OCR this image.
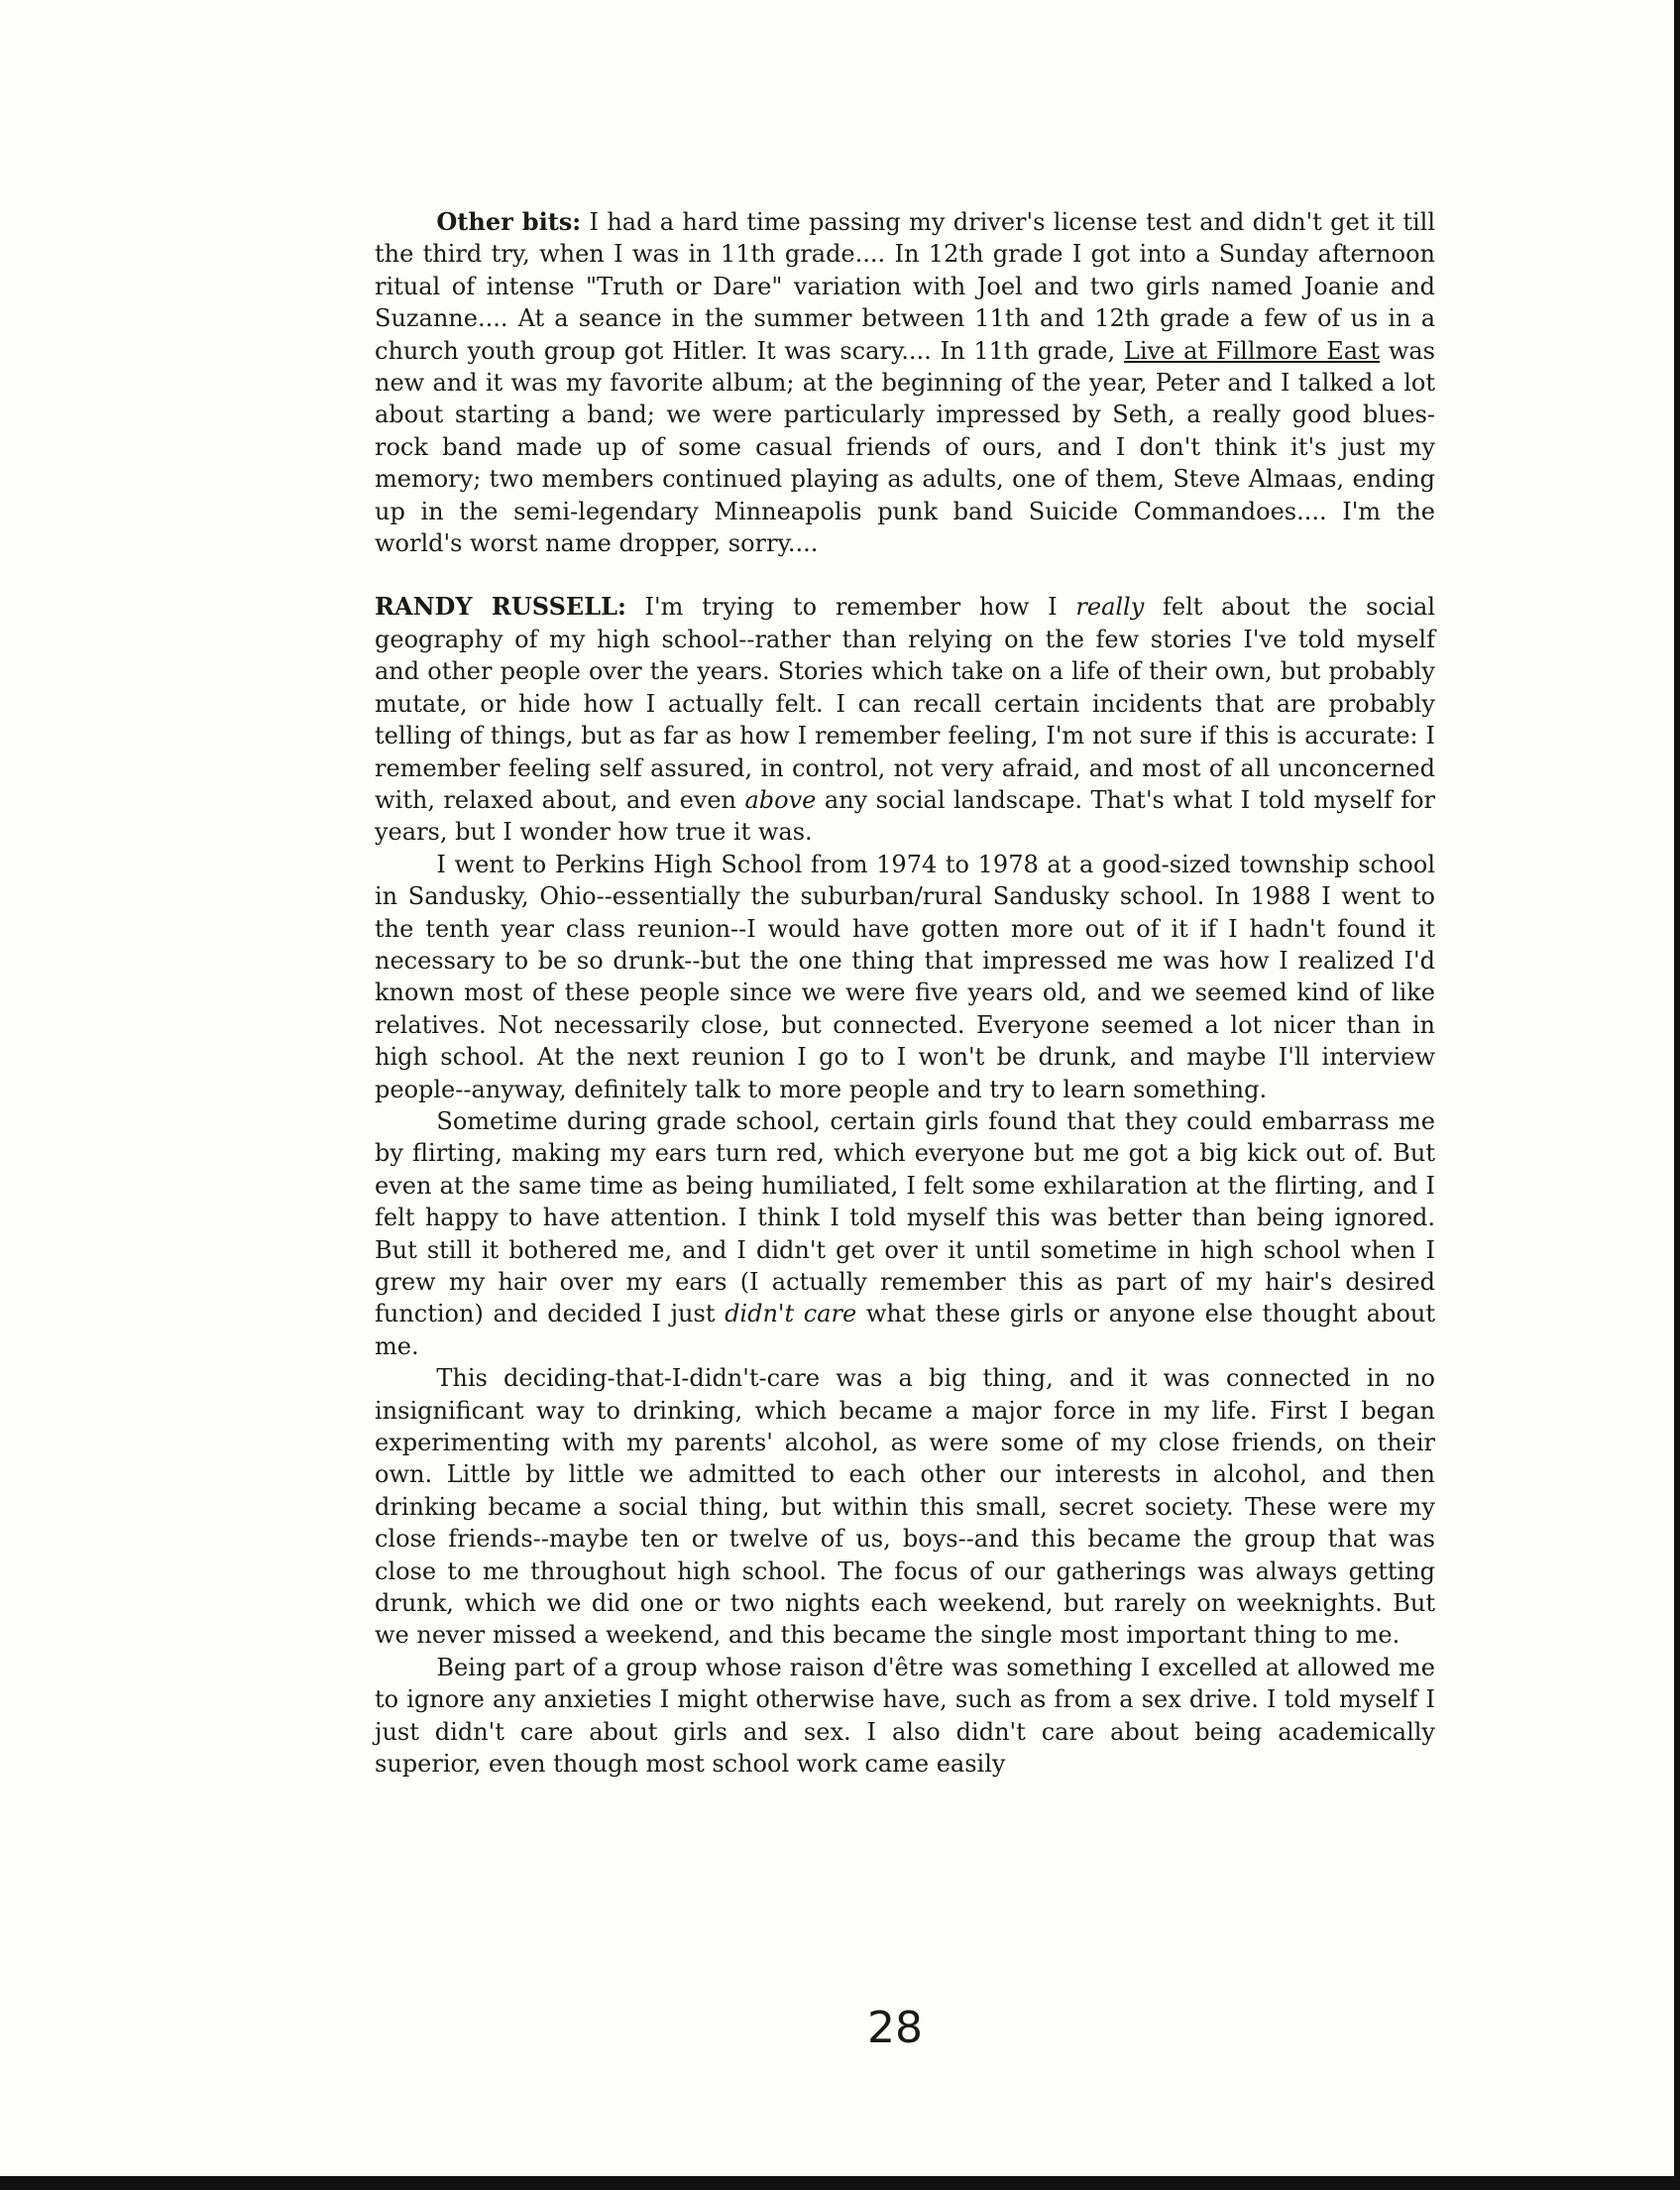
Other bits: I had a hard time passing my driver's license test and didn't get it till the third try, when I was in 11th grade.... In 12th grade I got into a Sunday afternoon ritual of intense "Truth or Dare" variation with Joel and two girls named Joanie and Suzanne.... At a seance in the summer between 11th and 12th grade a few of us in a church youth group got Hitler. It was scary.... In 11th grade, Live at Fillmore East was new and it was my favorite album; at the beginning of the year, Peter and I talked a lot about starting a band; we were particularly impressed by Seth, a really good blues-rock band made up of some casual friends of ours, and I don't think it's just my memory; two members continued playing as adults, one of them, Steve Almaas, ending up in the semi-legendary Minneapolis punk band Suicide Commandoes.... I'm the world's worst name dropper, sorry....

RANDY RUSSELL: I'm trying to remember how I really felt about the social geography of my high school--rather than relying on the few stories I've told myself and other people over the years. Stories which take on a life of their own, but probably mutate, or hide how I actually felt. I can recall certain incidents that are probably telling of things, but as far as how I remember feeling, I'm not sure if this is accurate: I remember feeling self assured, in control, not very afraid, and most of all unconcerned with, relaxed about, and even above any social landscape. That's what I told myself for years, but I wonder how true it was.

I went to Perkins High School from 1974 to 1978 at a good-sized township school in Sandusky, Ohio--essentially the suburban/rural Sandusky school. In 1988 I went to the tenth year class reunion--I would have gotten more out of it if I hadn't found it necessary to be so drunk--but the one thing that impressed me was how I realized I'd known most of these people since we were five years old, and we seemed kind of like relatives. Not necessarily close, but connected. Everyone seemed a lot nicer than in high school. At the next reunion I go to I won't be drunk, and maybe I'll interview people--anyway, definitely talk to more people and try to learn something.

Sometime during grade school, certain girls found that they could embarrass me by flirting, making my ears turn red, which everyone but me got a big kick out of. But even at the same time as being humiliated, I felt some exhilaration at the flirting, and I felt happy to have attention. I think I told myself this was better than being ignored. But still it bothered me, and I didn't get over it until sometime in high school when I grew my hair over my ears (I actually remember this as part of my hair's desired function) and decided I just didn't care what these girls or anyone else thought about me.

This deciding-that-I-didn't-care was a big thing, and it was connected in no insignificant way to drinking, which became a major force in my life. First I began experimenting with my parents' alcohol, as were some of my close friends, on their own. Little by little we admitted to each other our interests in alcohol, and then drinking became a social thing, but within this small, secret society. These were my close friends--maybe ten or twelve of us, boys--and this became the group that was close to me throughout high school. The focus of our gatherings was always getting drunk, which we did one or two nights each weekend, but rarely on weeknights. But we never missed a weekend, and this became the single most important thing to me.

Being part of a group whose raison d'être was something I excelled at allowed me to ignore any anxieties I might otherwise have, such as from a sex drive. I told myself I just didn't care about girls and sex. I also didn't care about being academically superior, even though most school work came easily

28
